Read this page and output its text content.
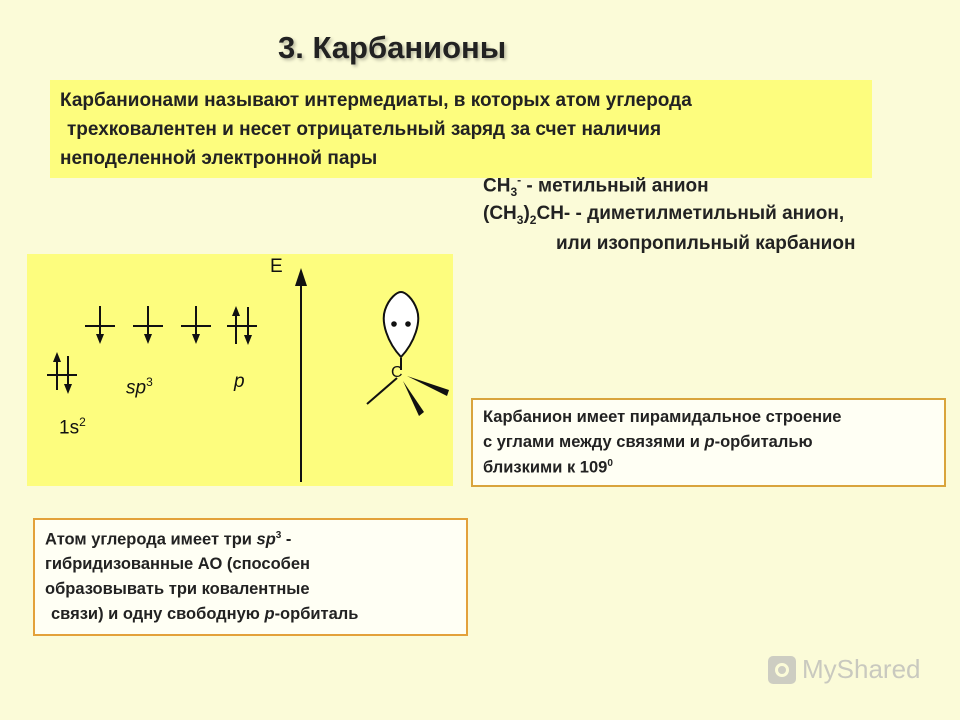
3. Карбанионы
Карбанионами называют интермедиаты, в которых атом углерода
трехковалентен и несет отрицательный заряд за счет наличия
неподеленной электронной пары
$CH_3^-$ - метильный анион
$(CH_3)_2CH-$ - диметилметильный анион,
или изопропильный карбанион
E
$1s^2$
$sp^3$	p	C
Карбанион имеет пирамидальное строение
с углами между связями и р-орбиталью
близкими к $109^0$
Атом углерода имеет три $sp^3$ -
гибридизованные АО (способен
образовывать три ковалентные
связи) и одну свободную р-орбиталь
MyShared
